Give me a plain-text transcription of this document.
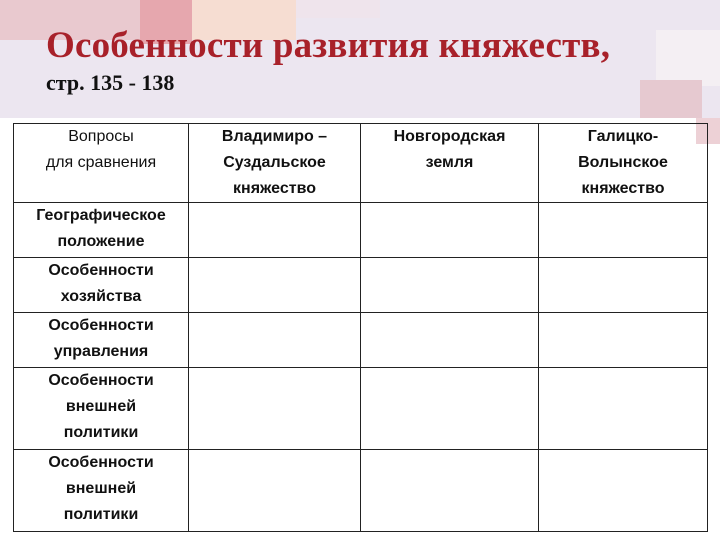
Особенности развития княжеств,
стр. 135 - 138
Вопросы
для сравнения	Владимиро –
Суздальское
княжество	Новгородская
земля	Галицко-
Волынское
княжество

Географическое
положение			

Особенности
хозяйства			

Особенности
управления			

Особенности
внешней
политики			

Особенности
внешней
политики			
